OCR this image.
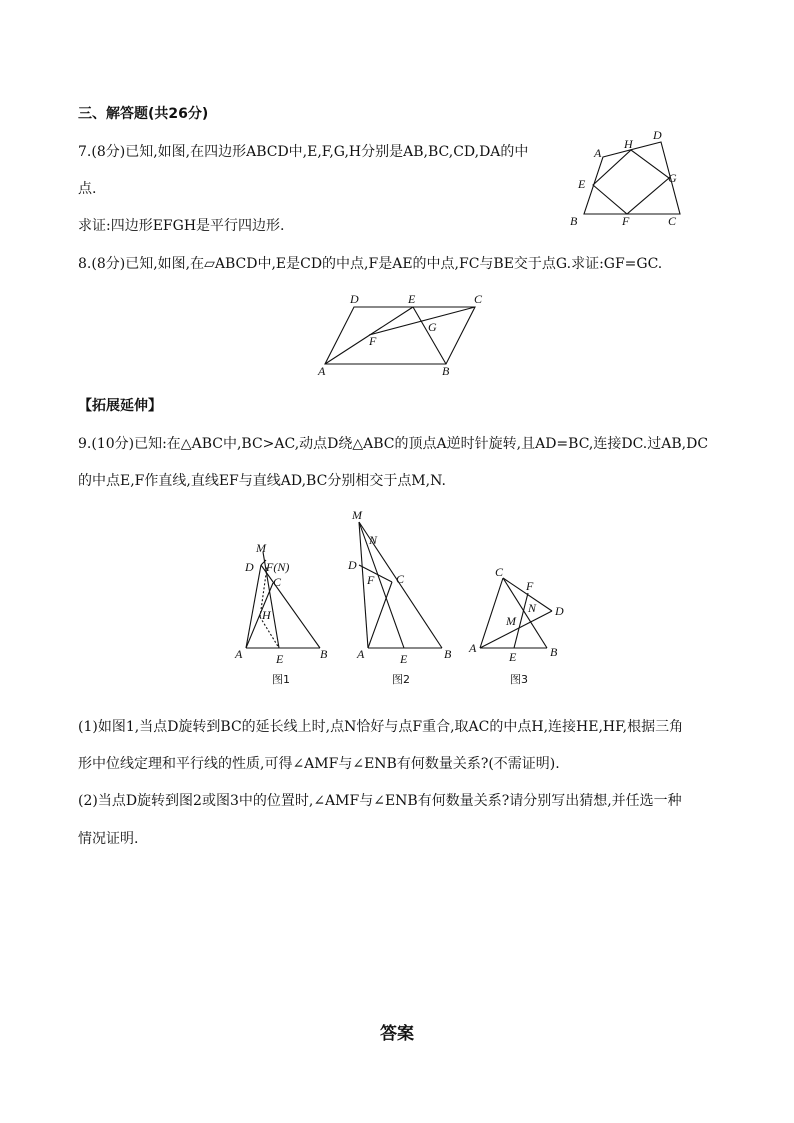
三、解答题(共26分)
7.(8分)已知,如图,在四边形ABCD中,E,F,G,H分别是AB,BC,CD,DA的中
点.
求证:四边形EFGH是平行四边形.
8.(8分)已知,如图,在▱ABCD中,E是CD的中点,F是AE的中点,FC与BE交于点G.求证:GF=GC.
【拓展延伸】
9.(10分)已知:在△ABC中,BC>AC,动点D绕△ABC的顶点A逆时针旋转,且AD=BC,连接DC.过AB,DC
的中点E,F作直线,直线EF与直线AD,BC分别相交于点M,N.
(1)如图1,当点D旋转到BC的延长线上时,点N恰好与点F重合,取AC的中点H,连接HE,HF,根据三角
形中位线定理和平行线的性质,可得∠AMF与∠ENB有何数量关系?(不需证明).
(2)当点D旋转到图2或图3中的位置时,∠AMF与∠ENB有何数量关系?请分别写出猜想,并任选一种
情况证明.
答案
A
D
H
E	G
B	F	C
D	E	C
G
F
A	B
M
D F(N)
C
H
A	E	B
图1
M
N
D
F C
A	E	B
图2
C
F
N D
M
A
E	B
图3
